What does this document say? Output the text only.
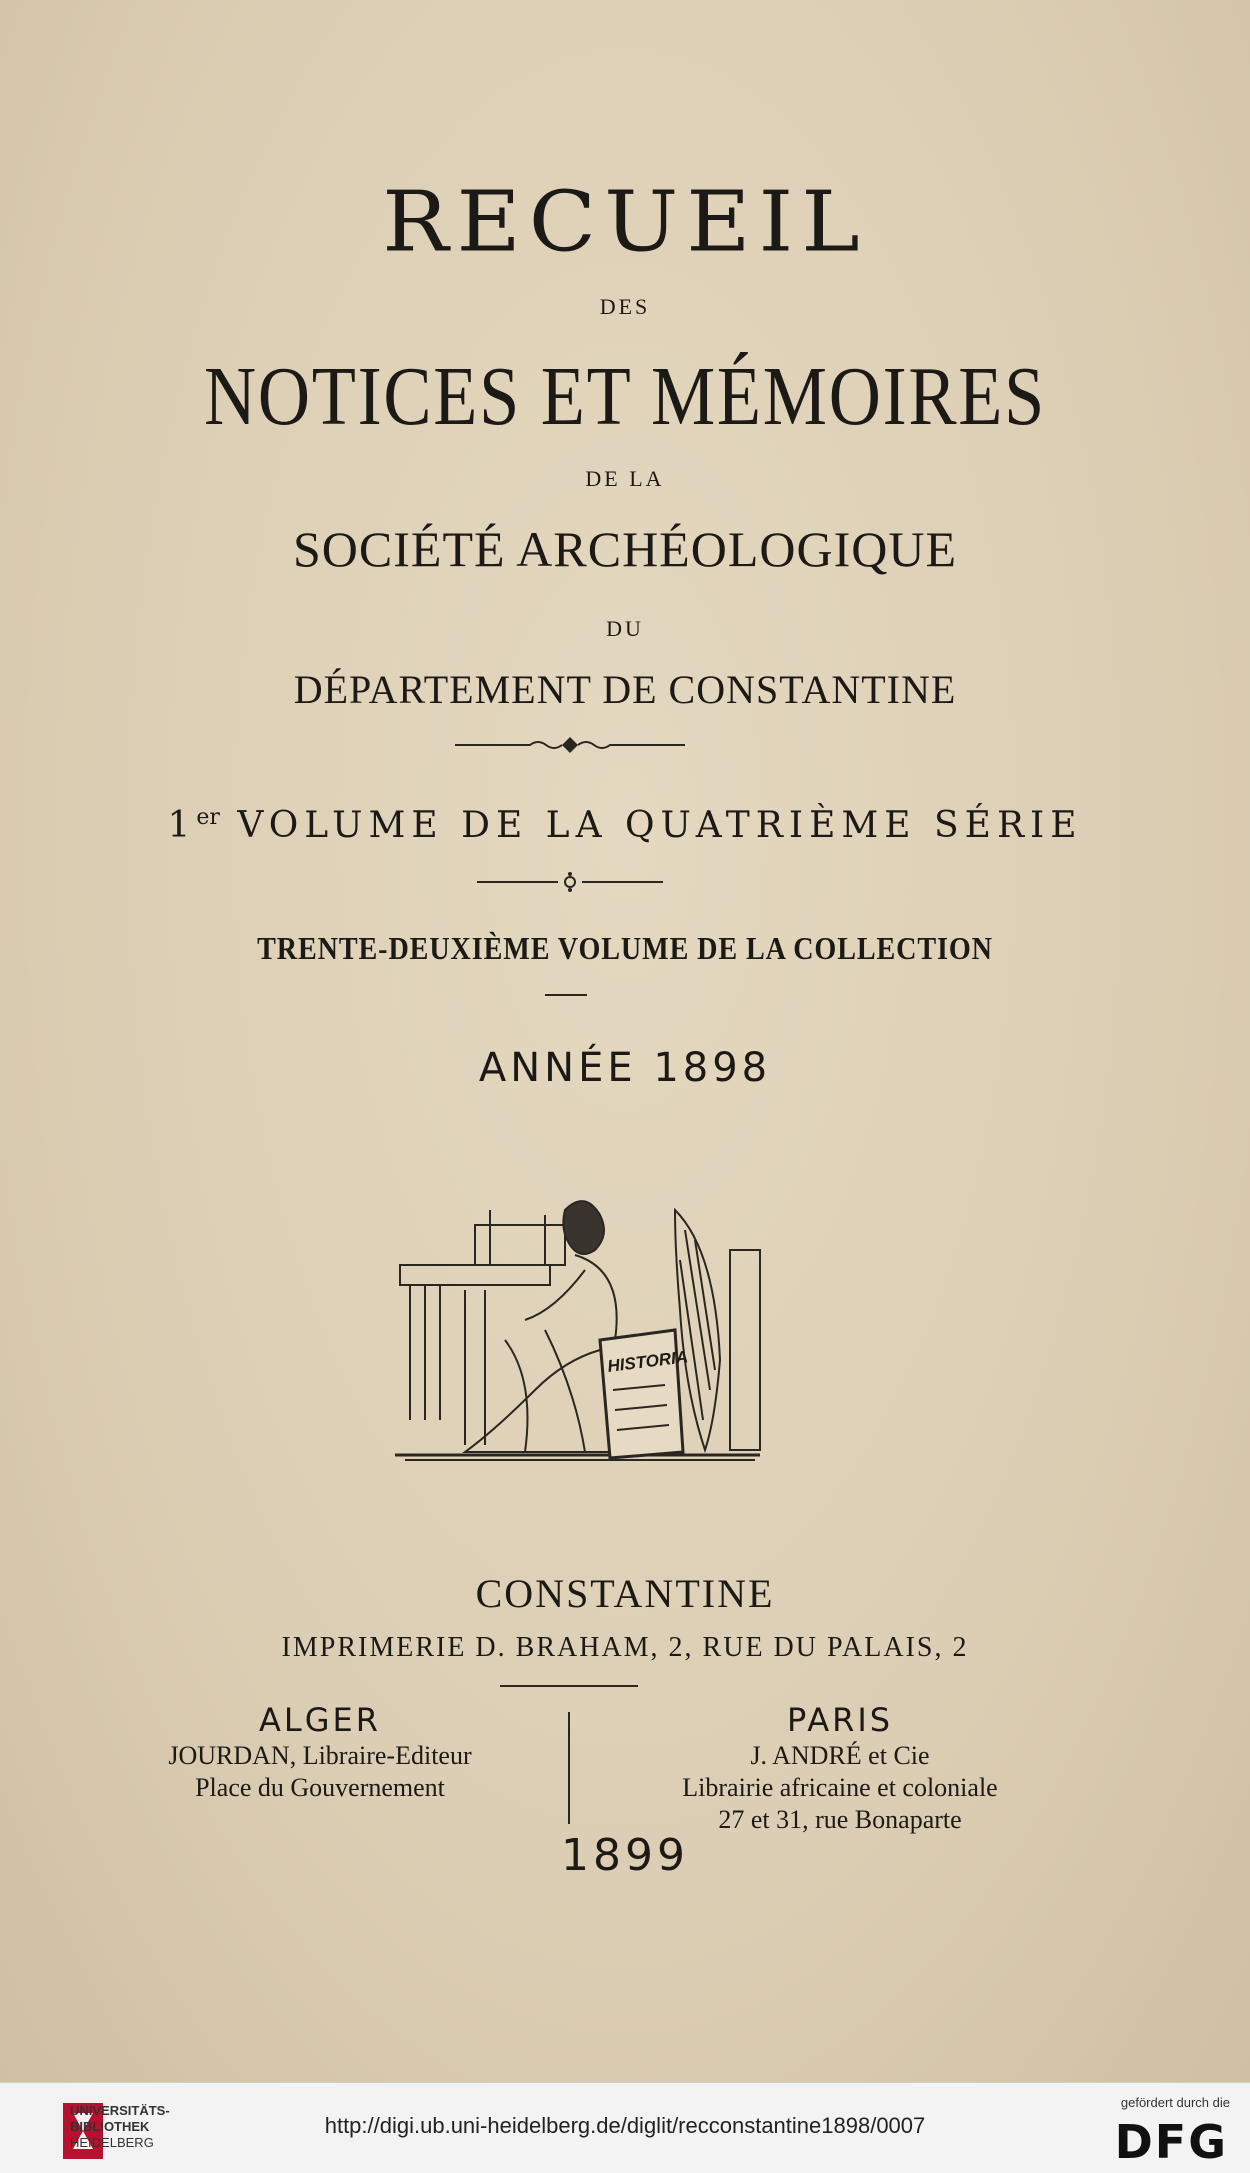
RECUEIL
DES
NOTICES ET MÉMOIRES
DE LA
SOCIÉTÉ ARCHÉOLOGIQUE
DU
DÉPARTEMENT DE CONSTANTINE
1er VOLUME DE LA QUATRIÈME SÉRIE
TRENTE-DEUXIÈME VOLUME DE LA COLLECTION
ANNÉE 1898
HISTORIA
CONSTANTINE
IMPRIMERIE D. BRAHAM, 2, RUE DU PALAIS, 2
ALGER
JOURDAN, Libraire-Editeur
Place du Gouvernement
PARIS
J. ANDRÉ et Cie
Librairie africaine et coloniale
27 et 31, rue Bonaparte
1899
UNIVERSITÄTS-
BIBLIOTHEK
HEIDELBERG
http://digi.ub.uni-heidelberg.de/diglit/recconstantine1898/0007
gefördert durch die
DFG
